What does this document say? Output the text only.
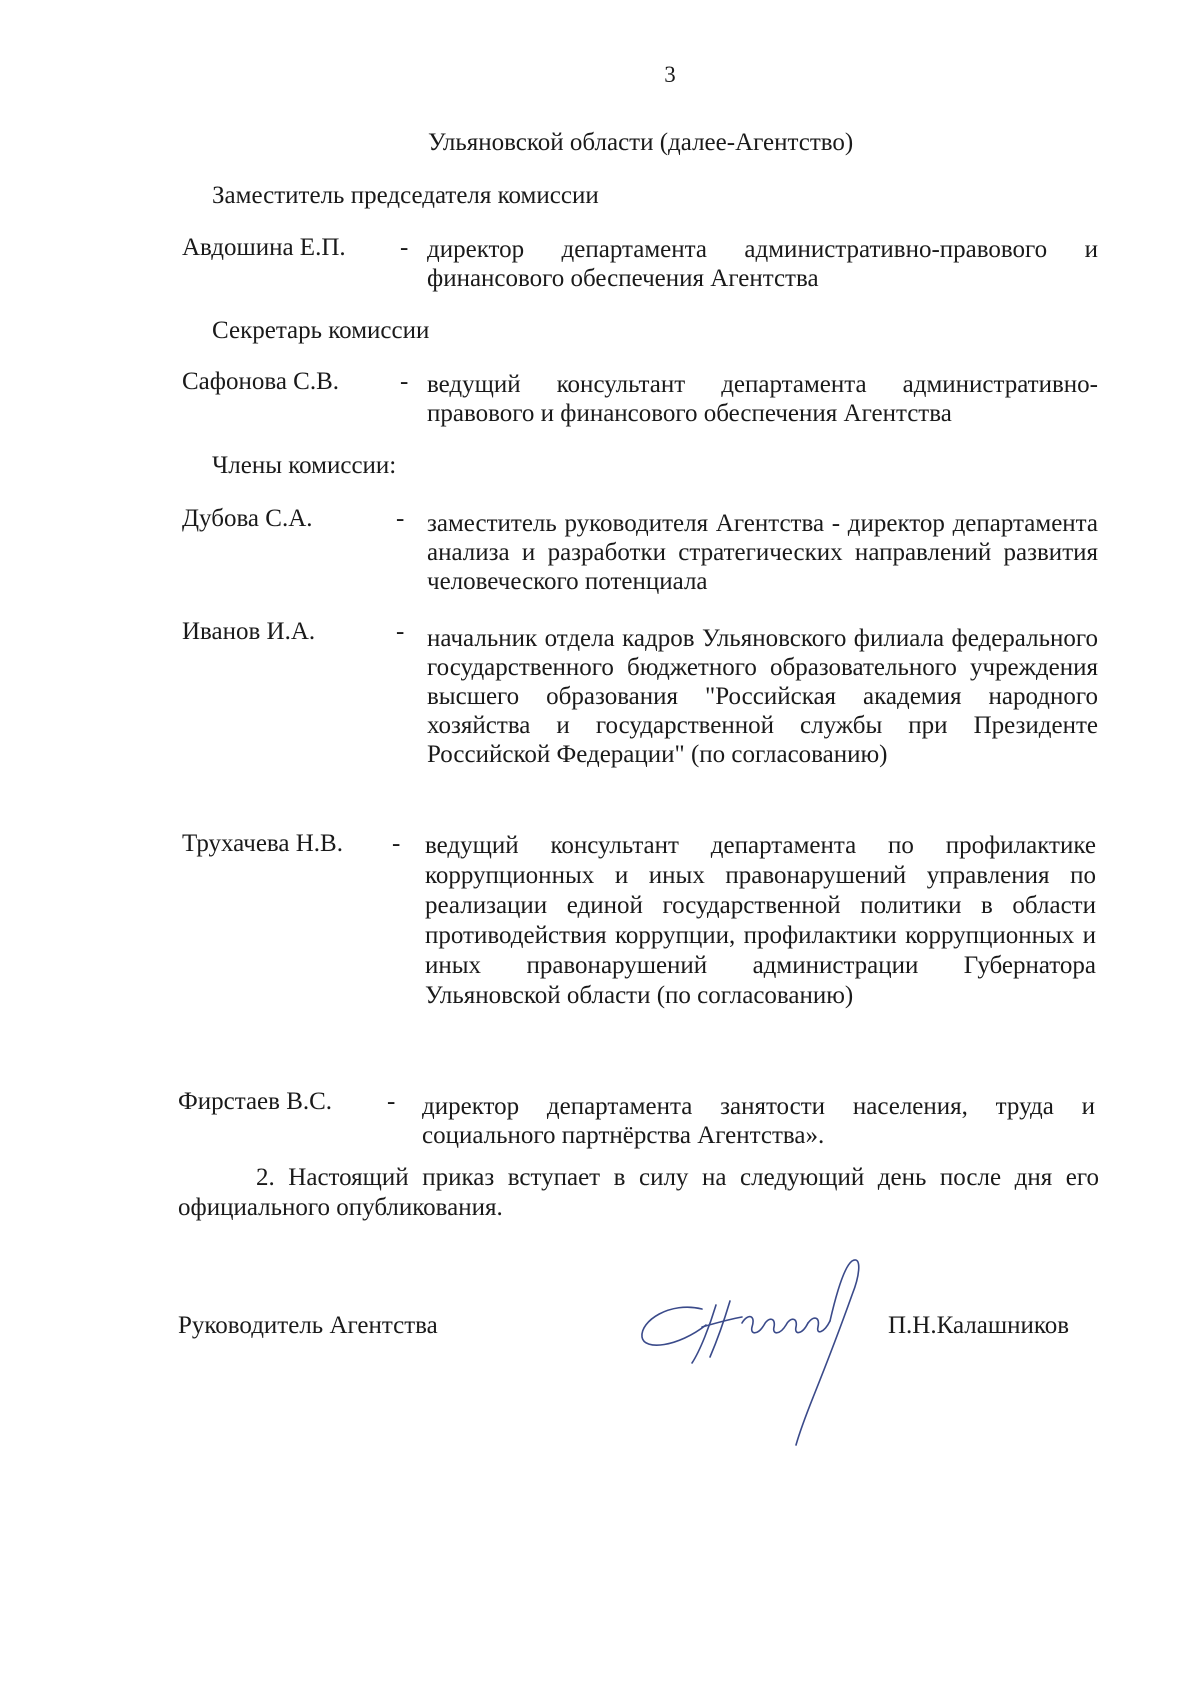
3
Ульяновской области (далее-Агентство)
Заместитель председателя комиссии
Авдошина Е.П. - директор департамента административно-правового и финансового обеспечения Агентства
Секретарь комиссии
Сафонова С.В. - ведущий консультант департамента административно-правового и финансового обеспечения Агентства
Члены комиссии:
Дубова С.А.	- заместитель руководителя Агентства - директор департамента анализа и разработки стратегических направлений развития человеческого потенциала
Иванов И.А.	- начальник отдела кадров Ульяновского филиала федерального государственного бюджетного образовательного учреждения высшего образования "Российская академия народного хозяйства и государственной службы при Президенте Российской Федерации" (по согласованию)
Трухачева Н.В. - ведущий консультант департамента по профилактике коррупционных и иных правонарушений управления по реализации единой государственной политики в области противодействия коррупции, профилактики коррупционных и иных правонарушений администрации Губернатора Ульяновской области (по согласованию)
Фирстаев В.С. - директор департамента занятости населения, труда и социального партнёрства Агентства».
2. Настоящий приказ вступает в силу на следующий день после дня его официального опубликования.
Руководитель Агентства	П.Н.Калашников
